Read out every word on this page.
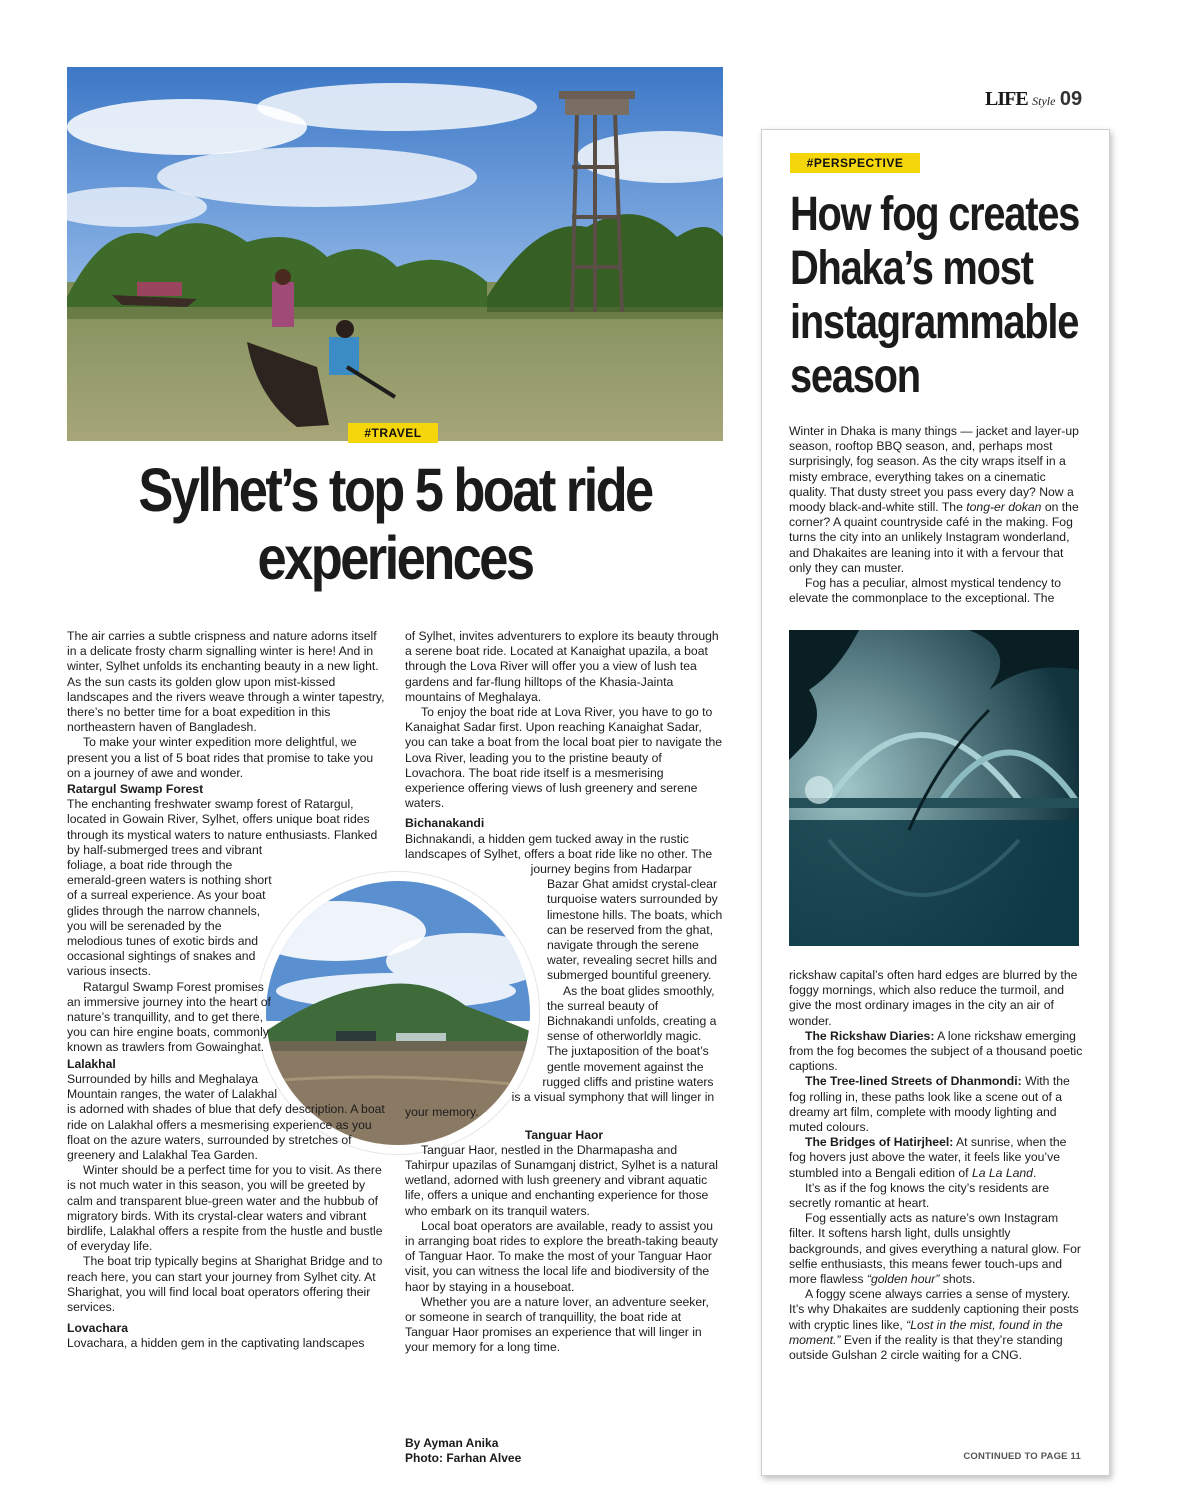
#TRAVEL
Sylhet’s top 5 boat ride experiences

The air carries a subtle crispness and nature adorns itself in a delicate frosty charm signalling winter is here! And in winter, Sylhet unfolds its enchanting beauty in a new light. As the sun casts its golden glow upon mist-kissed landscapes and the rivers weave through a winter tapestry, there’s no better time for a boat expedition in this northeastern haven of Bangladesh.

To make your winter expedition more delightful, we present you a list of 5 boat rides that promise to take you on a journey of awe and wonder.

Ratargul Swamp Forest

The enchanting freshwater swamp forest of Ratargul, located in Gowain River, Sylhet, offers unique boat rides through its mystical waters to nature enthusiasts. Flanked by half-submerged trees and vibrant foliage, a boat ride through the emerald-green waters is nothing short of a surreal experience. As your boat glides through the narrow channels, you will be serenaded by the melodious tunes of exotic birds and occasional sightings of snakes and various insects.

Ratargul Swamp Forest promises an immersive journey into the heart of nature’s tranquillity, and to get there, you can hire engine boats, commonly known as trawlers from Gowainghat.

Lalakhal

Surrounded by hills and Meghalaya Mountain ranges, the water of Lalakhal is adorned with shades of blue that defy description. A boat ride on Lalakhal offers a mesmerising experience as you float on the azure waters, surrounded by stretches of greenery and Lalakhal Tea Garden.

Winter should be a perfect time for you to visit. As there is not much water in this season, you will be greeted by calm and transparent blue-green water and the hubbub of migratory birds. With its crystal-clear waters and vibrant birdlife, Lalakhal offers a respite from the hustle and bustle of everyday life.

The boat trip typically begins at Sharighat Bridge and to reach here, you can start your journey from Sylhet city. At Sharighat, you will find local boat operators offering their services.

Lovachara

Lovachara, a hidden gem in the captivating landscapes

of Sylhet, invites adventurers to explore its beauty through a serene boat ride. Located at Kanaighat upazila, a boat through the Lova River will offer you a view of lush tea gardens and far-flung hilltops of the Khasia-Jainta mountains of Meghalaya.

To enjoy the boat ride at Lova River, you have to go to Kanaighat Sadar first. Upon reaching Kanaighat Sadar, you can take a boat from the local boat pier to navigate the Lova River, leading you to the pristine beauty of Lovachora. The boat ride itself is a mesmerising experience offering views of lush greenery and serene waters.

Bichanakandi

Bichnakandi, a hidden gem tucked away in the rustic landscapes of Sylhet, offers a boat ride like no other. The journey begins from Hadarpar Bazar Ghat amidst crystal-clear turquoise waters surrounded by limestone hills. The boats, which can be reserved from the ghat, navigate through the serene water, revealing secret hills and submerged bountiful greenery.

As the boat glides smoothly, the surreal beauty of Bichnakandi unfolds, creating a sense of otherworldly magic. The juxtaposition of the boat’s gentle movement against the rugged cliffs and pristine waters is a visual symphony that will linger in your memory.

Tanguar Haor

Tanguar Haor, nestled in the Dharmapasha and Tahirpur upazilas of Sunamganj district, Sylhet is a natural wetland, adorned with lush greenery and vibrant aquatic life, offers a unique and enchanting experience for those who embark on its tranquil waters.

Local boat operators are available, ready to assist you in arranging boat rides to explore the breath-taking beauty of Tanguar Haor. To make the most of your Tanguar Haor visit, you can witness the local life and biodiversity of the haor by staying in a houseboat.

Whether you are a nature lover, an adventure seeker, or someone in search of tranquillity, the boat ride at Tanguar Haor promises an experience that will linger in your memory for a long time.

By Ayman Anika
Photo: Farhan Alvee
LIFE Style 09
#PERSPECTIVE
How fog creates
Dhaka’s most
instagrammable
season

Winter in Dhaka is many things — jacket and layer-up season, rooftop BBQ season, and, perhaps most surprisingly, fog season. As the city wraps itself in a misty embrace, everything takes on a cinematic quality. That dusty street you pass every day? Now a moody black-and-white still. The tong-er dokan on the corner? A quaint countryside café in the making. Fog turns the city into an unlikely Instagram wonderland, and Dhakaites are leaning into it with a fervour that only they can muster.

Fog has a peculiar, almost mystical tendency to elevate the commonplace to the exceptional. The

rickshaw capital’s often hard edges are blurred by the foggy mornings, which also reduce the turmoil, and give the most ordinary images in the city an air of wonder.

The Rickshaw Diaries: A lone rickshaw emerging from the fog becomes the subject of a thousand poetic captions.

The Tree-lined Streets of Dhanmondi: With the fog rolling in, these paths look like a scene out of a dreamy art film, complete with moody lighting and muted colours.

The Bridges of Hatirjheel: At sunrise, when the fog hovers just above the water, it feels like you’ve stumbled into a Bengali edition of La La Land.

It’s as if the fog knows the city’s residents are secretly romantic at heart.

Fog essentially acts as nature’s own Instagram filter. It softens harsh light, dulls unsightly backgrounds, and gives everything a natural glow. For selfie enthusiasts, this means fewer touch-ups and more flawless “golden hour” shots.

A foggy scene always carries a sense of mystery. It’s why Dhakaites are suddenly captioning their posts with cryptic lines like, “Lost in the mist, found in the moment.” Even if the reality is that they’re standing outside Gulshan 2 circle waiting for a CNG.

CONTINUED TO PAGE 11
